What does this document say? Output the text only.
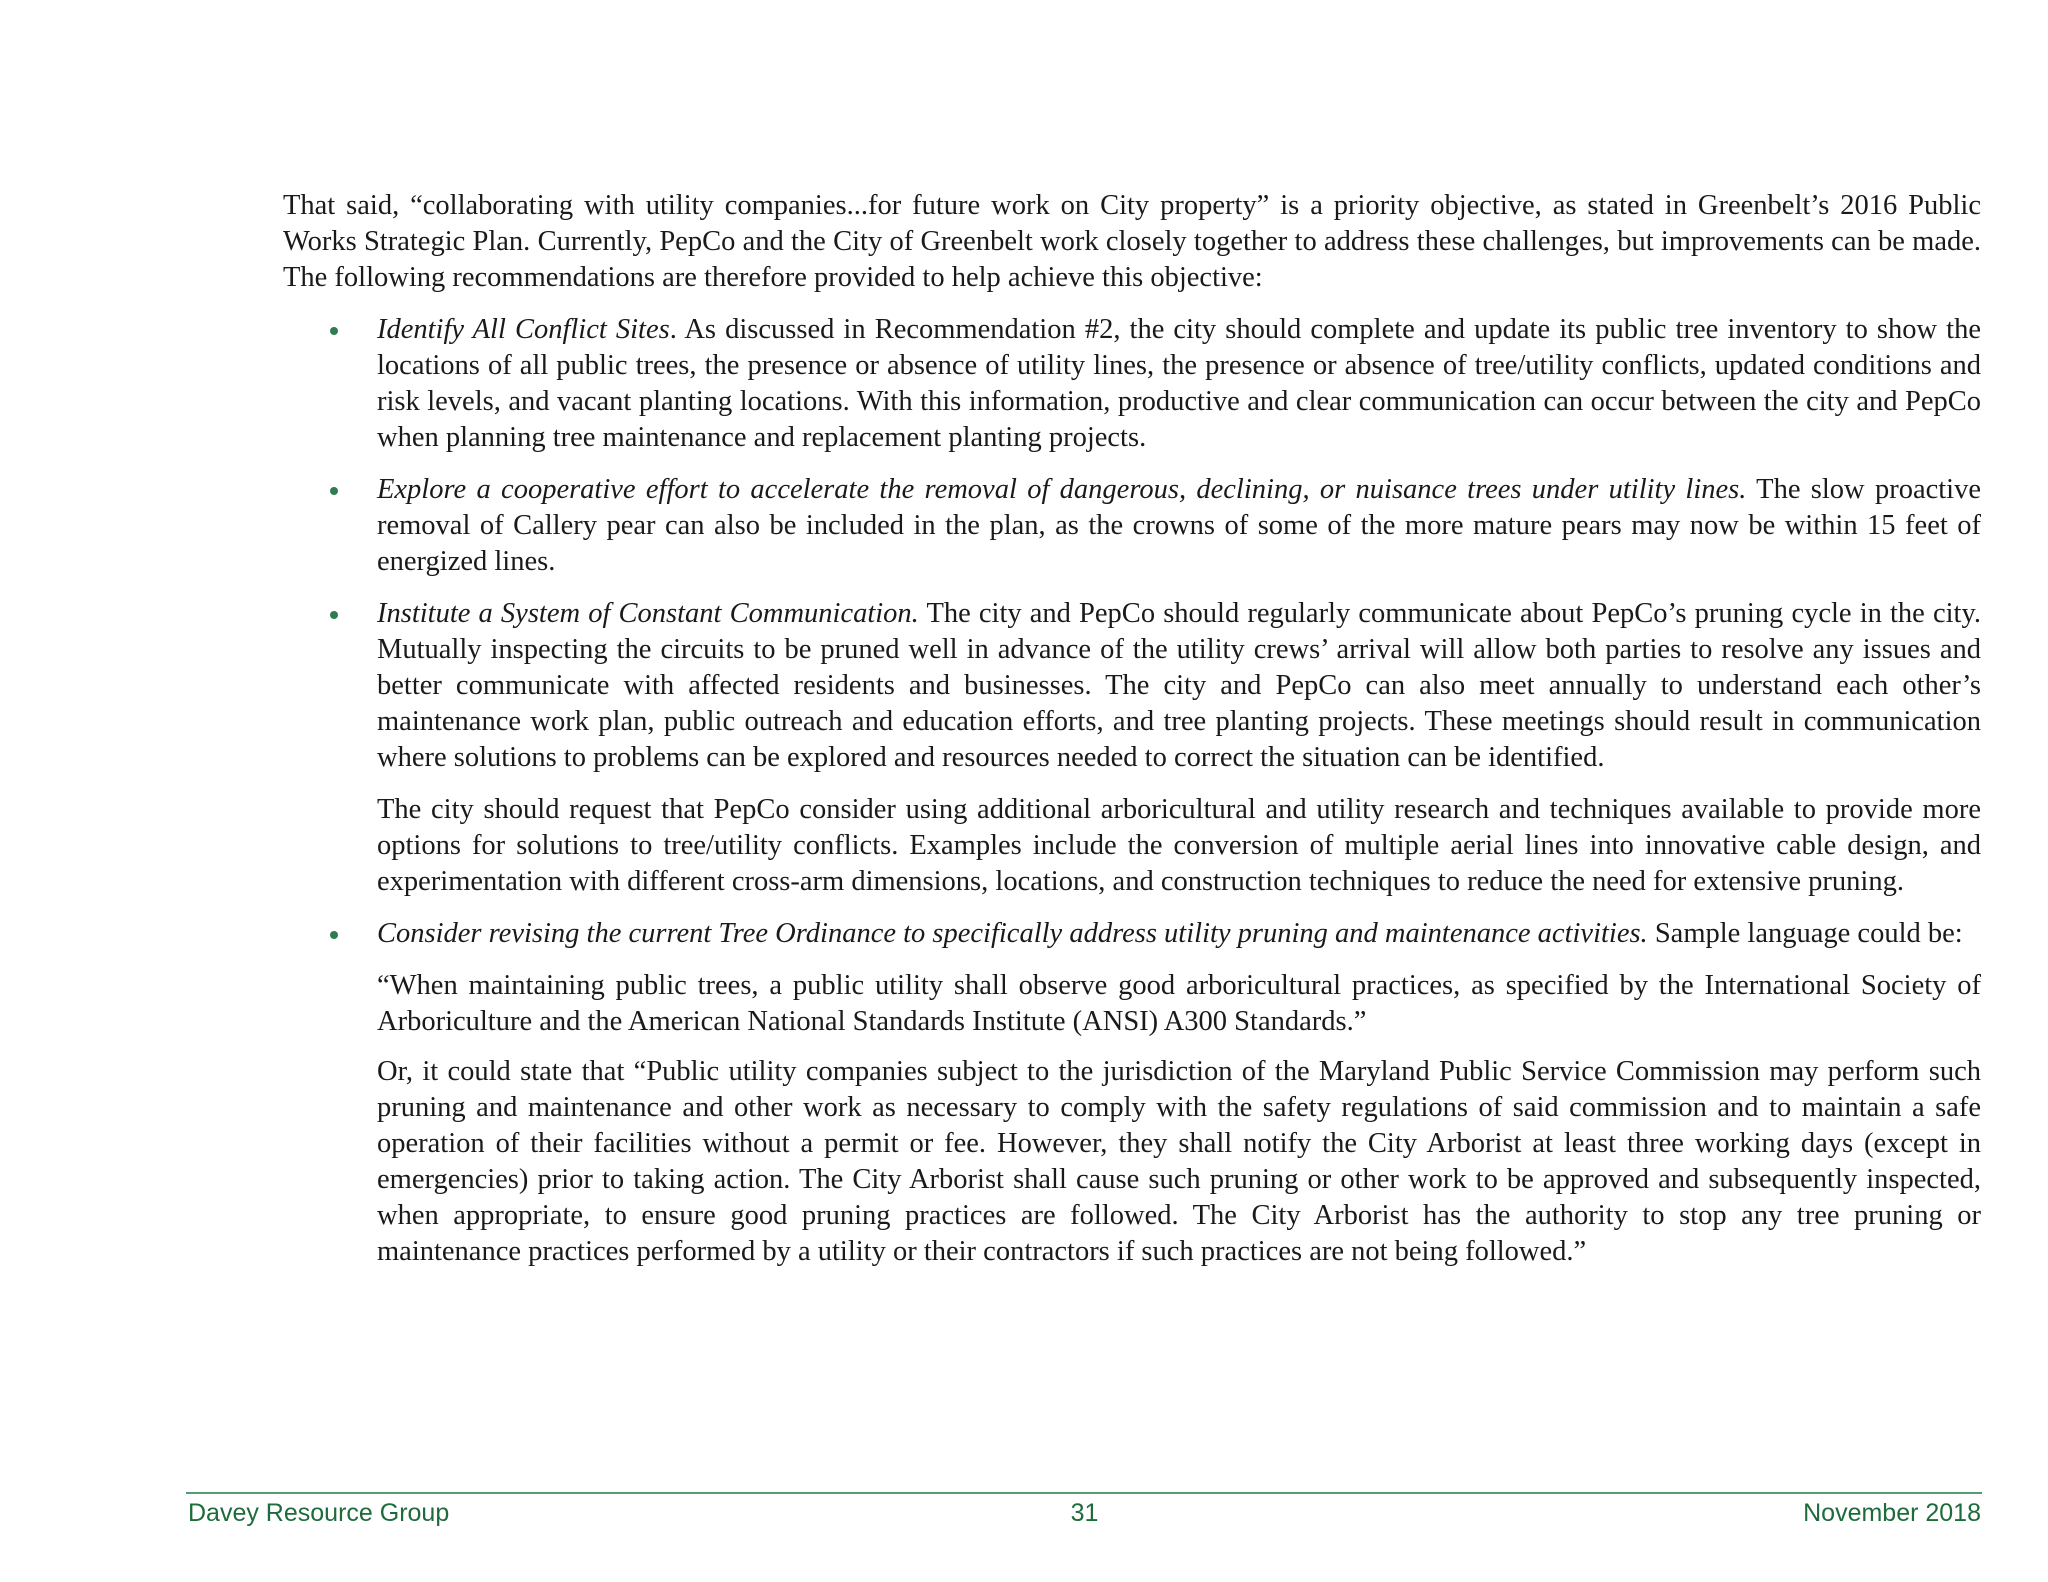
That said, “collaborating with utility companies...for future work on City property” is a priority objective, as stated in Greenbelt’s 2016 Public Works Strategic Plan. Currently, PepCo and the City of Greenbelt work closely together to address these challenges, but improvements can be made. The following recommendations are therefore provided to help achieve this objective:

Identify All Conflict Sites. As discussed in Recommendation #2, the city should complete and update its public tree inventory to show the locations of all public trees, the presence or absence of utility lines, the presence or absence of tree/utility conflicts, updated conditions and risk levels, and vacant planting locations. With this information, productive and clear communication can occur between the city and PepCo when planning tree maintenance and replacement planting projects.

Explore a cooperative effort to accelerate the removal of dangerous, declining, or nuisance trees under utility lines. The slow proactive removal of Callery pear can also be included in the plan, as the crowns of some of the more mature pears may now be within 15 feet of energized lines.

Institute a System of Constant Communication. The city and PepCo should regularly communicate about PepCo’s pruning cycle in the city. Mutually inspecting the circuits to be pruned well in advance of the utility crews’ arrival will allow both parties to resolve any issues and better communicate with affected residents and businesses. The city and PepCo can also meet annually to understand each other’s maintenance work plan, public outreach and education efforts, and tree planting projects. These meetings should result in communication where solutions to problems can be explored and resources needed to correct the situation can be identified.

The city should request that PepCo consider using additional arboricultural and utility research and techniques available to provide more options for solutions to tree/utility conflicts. Examples include the conversion of multiple aerial lines into innovative cable design, and experimentation with different cross-arm dimensions, locations, and construction techniques to reduce the need for extensive pruning.

Consider revising the current Tree Ordinance to specifically address utility pruning and maintenance activities. Sample language could be:

“When maintaining public trees, a public utility shall observe good arboricultural practices, as specified by the International Society of Arboriculture and the American National Standards Institute (ANSI) A300 Standards.”

Or, it could state that “Public utility companies subject to the jurisdiction of the Maryland Public Service Commission may perform such pruning and maintenance and other work as necessary to comply with the safety regulations of said commission and to maintain a safe operation of their facilities without a permit or fee. However, they shall notify the City Arborist at least three working days (except in emergencies) prior to taking action. The City Arborist shall cause such pruning or other work to be approved and subsequently inspected, when appropriate, to ensure good pruning practices are followed. The City Arborist has the authority to stop any tree pruning or maintenance practices performed by a utility or their contractors if such practices are not being followed.”

Davey Resource Group	31	November 2018
